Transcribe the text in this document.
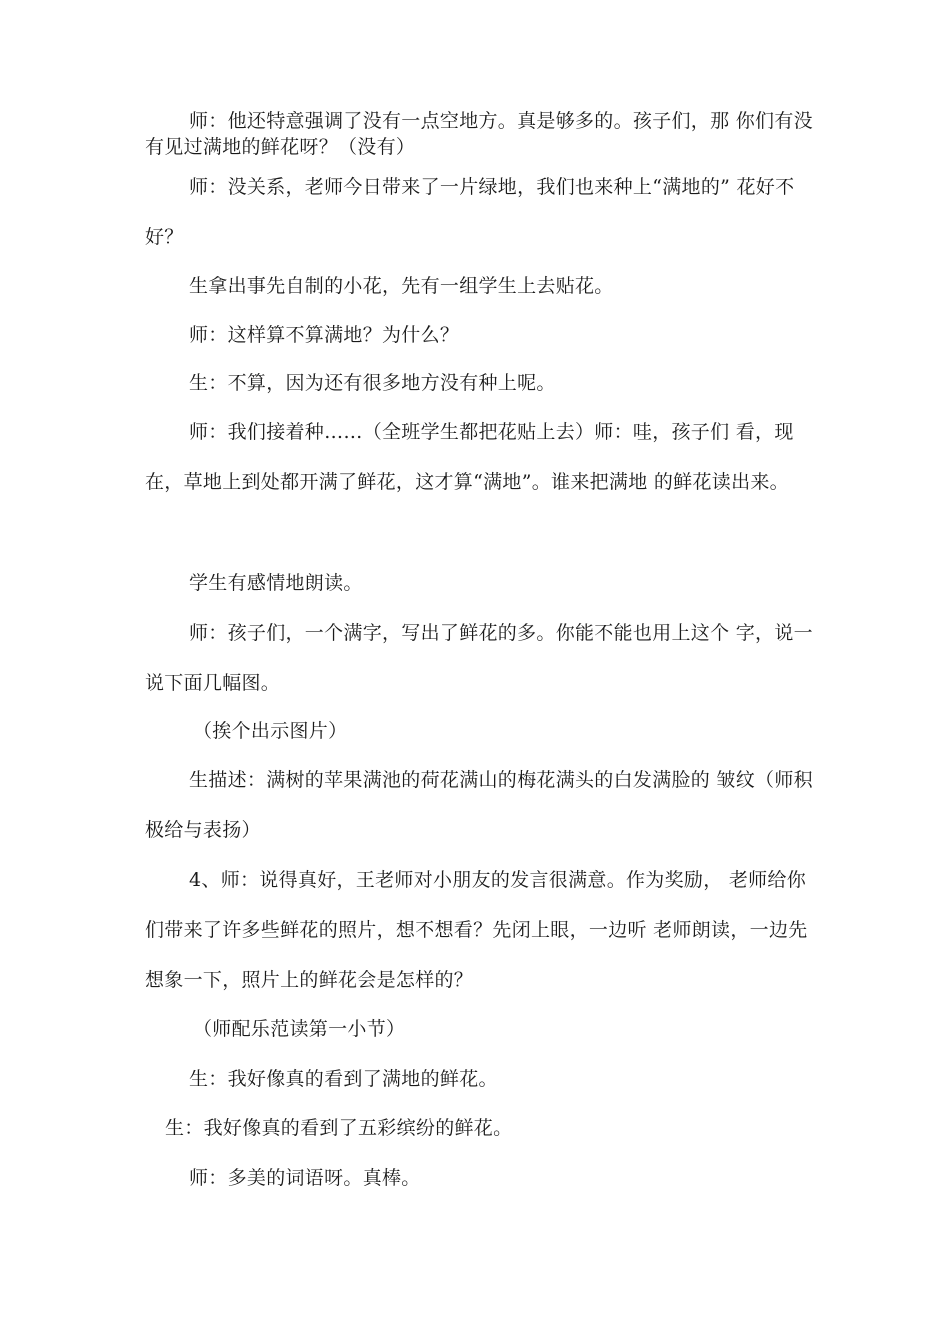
师：他还特意强调了没有一点空地方。真是够多的。孩子们，那 你们有没有见过满地的鲜花呀？（没有）
师：没关系，老师今日带来了一片绿地，我们也来种上“满地的” 花好不好？
生拿出事先自制的小花，先有一组学生上去贴花。
师：这样算不算满地？为什么？
生：不算，因为还有很多地方没有种上呢。
师：我们接着种……（全班学生都把花贴上去）师：哇，孩子们 看，现在，草地上到处都开满了鲜花，这才算“满地”。谁来把满地 的鲜花读出来。
学生有感情地朗读。
师：孩子们，一个满字，写出了鲜花的多。你能不能也用上这个 字，说一说下面几幅图。
（挨个出示图片）
生描述：满树的苹果满池的荷花满山的梅花满头的白发满脸的 皱纹（师积极给与表扬）
4、师：说得真好，王老师对小朋友的发言很满意。作为奖励， 老师给你们带来了许多些鲜花的照片，想不想看？先闭上眼，一边听 老师朗读，一边先想象一下，照片上的鲜花会是怎样的？
（师配乐范读第一小节）
生：我好像真的看到了满地的鲜花。
生：我好像真的看到了五彩缤纷的鲜花。
师：多美的词语呀。真棒。
